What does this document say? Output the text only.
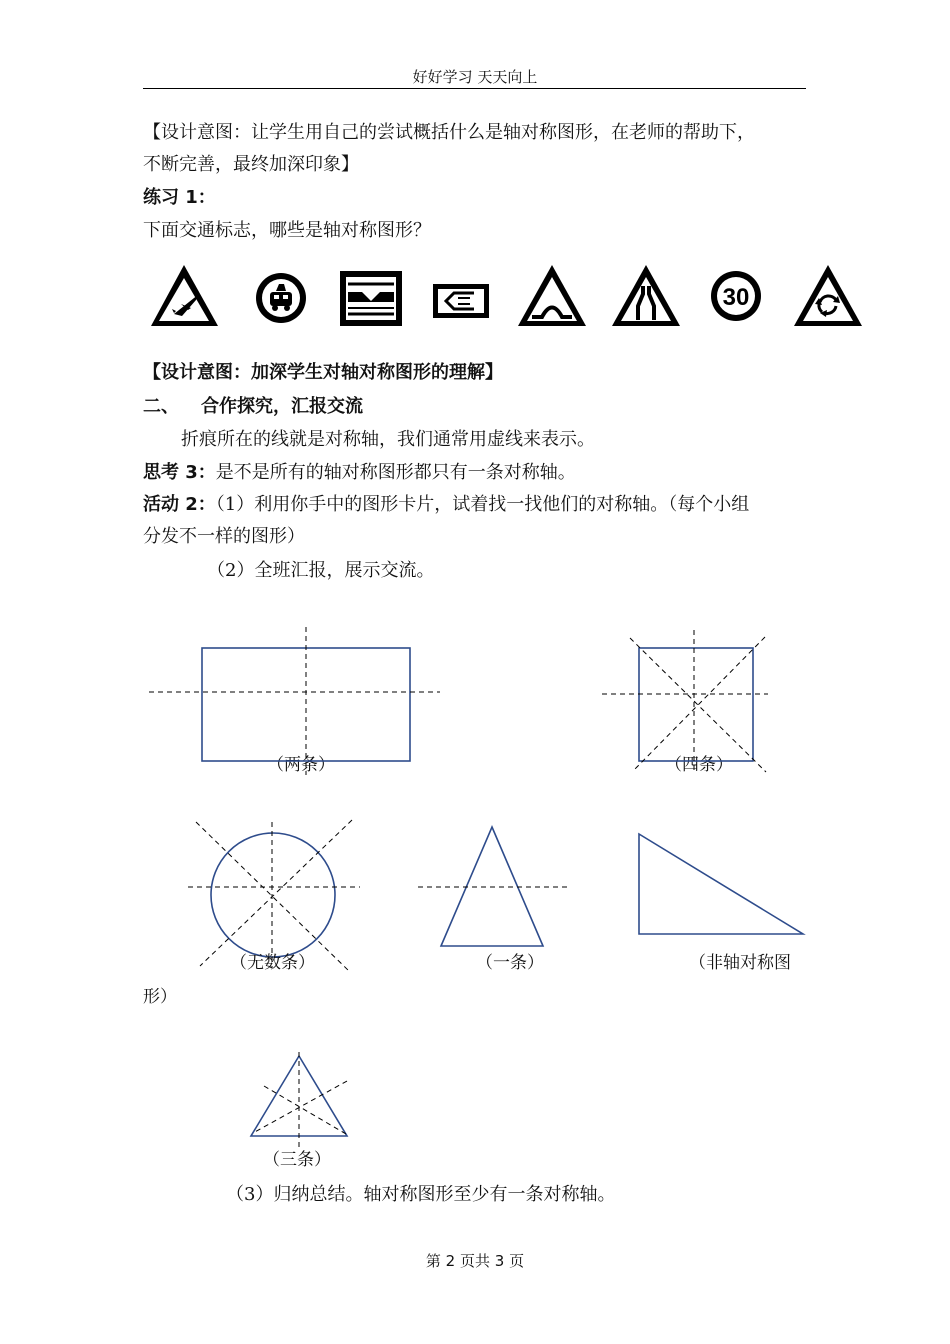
好好学习 天天向上
【设计意图：让学生用自己的尝试概括什么是轴对称图形，在老师的帮助下，
不断完善，最终加深印象】
练习 1：
下面交通标志，哪些是轴对称图形？
30
【设计意图：加深学生对轴对称图形的理解】
二、 合作探究，汇报交流
折痕所在的线就是对称轴，我们通常用虚线来表示。
思考 3：是不是所有的轴对称图形都只有一条对称轴。
活动 2：（1）利用你手中的图形卡片，试着找一找他们的对称轴。（每个小组
分发不一样的图形）
（2）全班汇报，展示交流。
（两条）	（四条）
（无数条）	（一条）	（非轴对称图
形）
（三条）
（3）归纳总结。轴对称图形至少有一条对称轴。
第 2 页共 3 页
